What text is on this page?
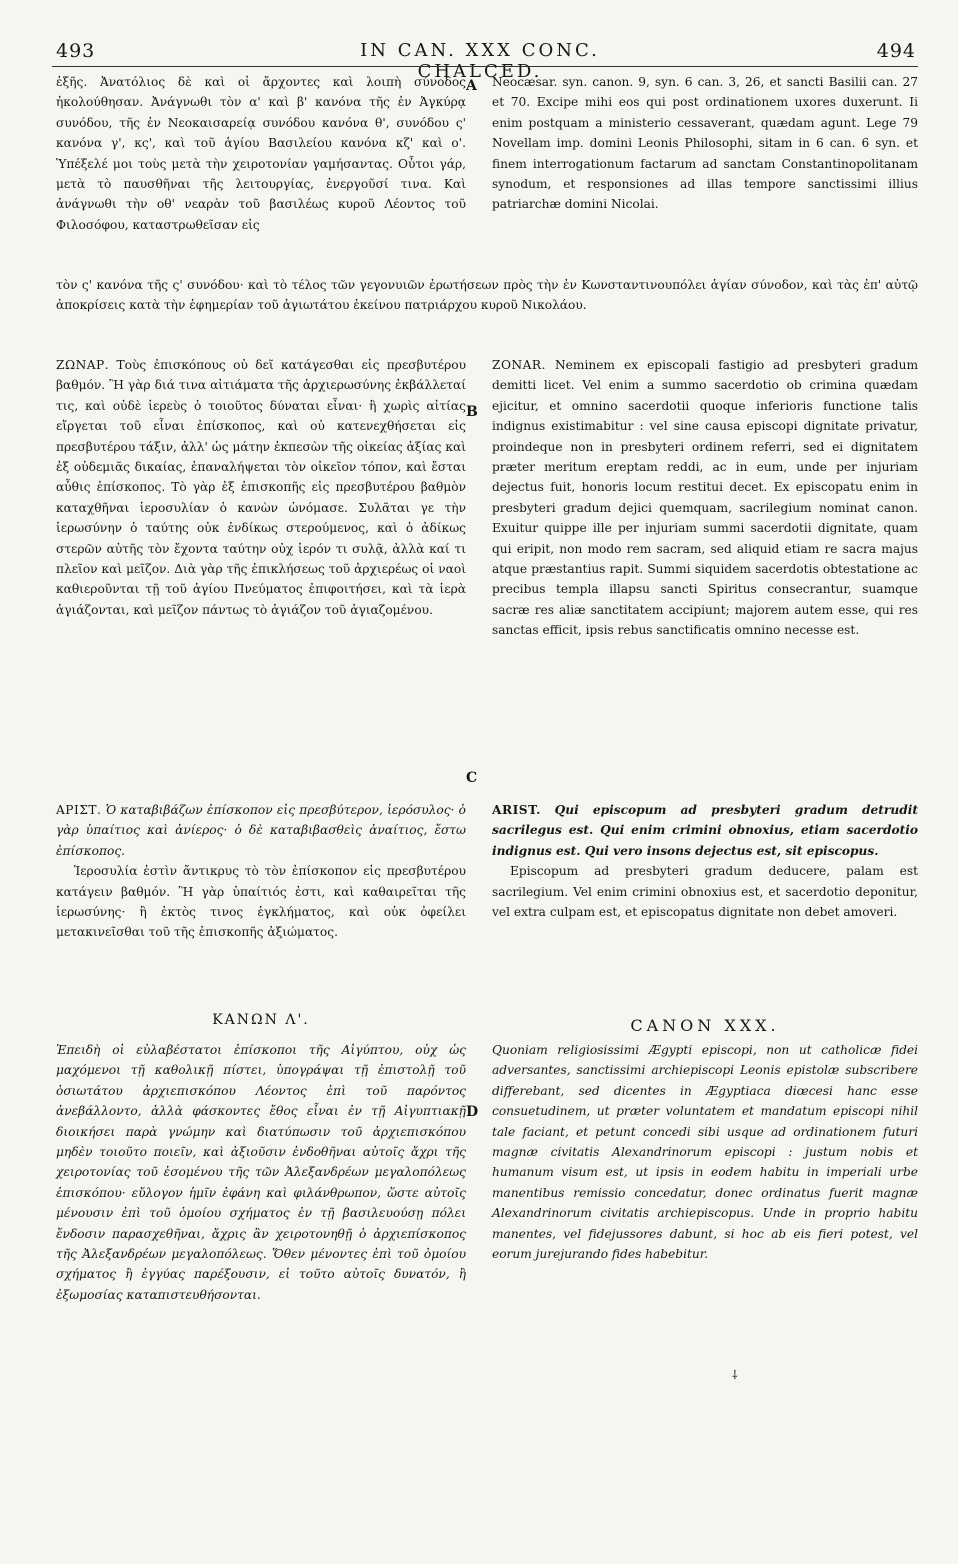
493	IN CAN. XXX CONC. CHALCED.
494
A
B
C
D

ἐξῆς. Ἀνατόλιος δὲ καὶ οἱ ἄρχοντες καὶ λοιπὴ σύνοδος ἠκολούθησαν. Ἀνάγνωθι τὸν α' καὶ β' κανόνα τῆς ἐν Ἀγκύρᾳ συνόδου, τῆς ἐν Νεοκαισαρείᾳ συνόδου κανόνα θ', συνόδου ς' κανόνα γ', κς', καὶ τοῦ ἁγίου Βασιλείου κανόνα κζ' καὶ ο'. Ὑπέξελέ μοι τοὺς μετὰ τὴν χειροτονίαν γαμήσαντας. Οὗτοι γάρ, μετὰ τὸ παυσθῆναι τῆς λειτουργίας, ἐνεργοῦσί τινα. Καὶ ἀνάγνωθι τὴν οθ' νεαρὰν τοῦ βασιλέως κυροῦ Λέοντος τοῦ Φιλοσόφου, καταστρωθεῖσαν εἰς

Neocæsar. syn. canon. 9, syn. 6 can. 3, 26, et sancti Basilii can. 27 et 70. Excipe mihi eos qui post ordinationem uxores duxerunt. Ii enim postquam a ministerio cessaverant, quædam agunt. Lege 79 Novellam imp. domini Leonis Philosophi, sitam in 6 can. 6 syn. et finem interrogationum factarum ad sanctam Constantinopolitanam synodum, et responsiones ad illas tempore sanctissimi illius patriarchæ domini Nicolai.

τὸν ς' κανόνα τῆς ς' συνόδου· καὶ τὸ τέλος τῶν γεγονυιῶν ἐρωτήσεων πρὸς τὴν ἐν Κωνσταντινουπόλει ἁγίαν σύνοδον, καὶ τὰς ἐπ' αὐτῷ ἀποκρίσεις κατὰ τὴν ἐφημερίαν τοῦ ἁγιωτάτου ἐκείνου πατριάρχου κυροῦ Νικολάου.

ΖΩΝΑΡ. Τοὺς ἐπισκόπους οὐ δεῖ κατάγεσθαι εἰς πρεσβυτέρου βαθμόν. Ἢ γὰρ διά τινα αἰτιάματα τῆς ἀρχιερωσύνης ἐκβάλλεταί τις, καὶ οὐδὲ ἱερεὺς ὁ τοιοῦτος δύναται εἶναι· ἢ χωρὶς αἰτίας εἴργεται τοῦ εἶναι ἐπίσκοπος, καὶ οὐ κατενεχθήσεται εἰς πρεσβυτέρου τάξιν, ἀλλ' ὡς μάτην ἐκπεσὼν τῆς οἰκείας ἀξίας καὶ ἐξ οὐδεμιᾶς δικαίας, ἐπαναλήψεται τὸν οἰκεῖον τόπον, καὶ ἔσται αὖθις ἐπίσκοπος. Τὸ γὰρ ἐξ ἐπισκοπῆς εἰς πρεσβυτέρου βαθμὸν καταχθῆναι ἱεροσυλίαν ὁ κανὼν ὠνόμασε. Συλᾶται γε τὴν ἱερωσύνην ὁ ταύτης οὐκ ἐνδίκως στερούμενος, καὶ ὁ ἀδίκως στερῶν αὐτῆς τὸν ἔχοντα ταύτην οὐχ ἱερόν τι συλᾷ, ἀλλὰ καί τι πλεῖον καὶ μεῖζον. Διὰ γὰρ τῆς ἐπικλήσεως τοῦ ἀρχιερέως οἱ ναοὶ καθιεροῦνται τῇ τοῦ ἁγίου Πνεύματος ἐπιφοιτήσει, καὶ τὰ ἱερὰ ἁγιάζονται, καὶ μεῖζον πάντως τὸ ἁγιάζον τοῦ ἁγιαζομένου.

ZONAR. Neminem ex episcopali fastigio ad presbyteri gradum demitti licet. Vel enim a summo sacerdotio ob crimina quædam ejicitur, et omnino sacerdotii quoque inferioris functione talis indignus existimabitur : vel sine causa episcopi dignitate privatur, proindeque non in presbyteri ordinem referri, sed ei dignitatem præter meritum ereptam reddi, ac in eum, unde per injuriam dejectus fuit, honoris locum restitui decet. Ex episcopatu enim in presbyteri gradum dejici quemquam, sacrilegium nominat canon. Exuitur quippe ille per injuriam summi sacerdotii dignitate, quam qui eripit, non modo rem sacram, sed aliquid etiam re sacra majus atque præstantius rapit. Summi siquidem sacerdotis obtestatione ac precibus templa illapsu sancti Spiritus consecrantur, suamque sacræ res aliæ sanctitatem accipiunt; majorem autem esse, qui res sanctas efficit, ipsis rebus sanctificatis omnino necesse est.

ΑΡΙΣΤ. Ὁ καταβιβάζων ἐπίσκοπον εἰς πρεσβύτερον, ἱερόσυλος· ὁ γὰρ ὑπαίτιος καὶ ἀνίερος· ὁ δὲ καταβιβασθεὶς ἀναίτιος, ἔστω ἐπίσκοπος.

Ἱεροσυλία ἐστὶν ἄντικρυς τὸ τὸν ἐπίσκοπον εἰς πρεσβυτέρου κατάγειν βαθμόν. Ἢ γὰρ ὑπαίτιός ἐστι, καὶ καθαιρεῖται τῆς ἱερωσύνης· ἢ ἐκτὸς τινος ἐγκλήματος, καὶ οὐκ ὀφείλει μετακινεῖσθαι τοῦ τῆς ἐπισκοπῆς ἀξιώματος.

ARIST. Qui episcopum ad presbyteri gradum detrudit sacrilegus est. Qui enim crimini obnoxius, etiam sacerdotio indignus est. Qui vero insons dejectus est, sit episcopus.

Episcopum ad presbyteri gradum deducere, palam est sacrilegium. Vel enim crimini obnoxius est, et sacerdotio deponitur, vel extra culpam est, et episcopatus dignitate non debet amoveri.

ΚΑΝΩΝ Λ'.	CANON XXX.

Ἐπειδὴ οἱ εὐλαβέστατοι ἐπίσκοποι τῆς Αἰγύπτου, οὐχ ὡς μαχόμενοι τῇ καθολικῇ πίστει, ὑπογράψαι τῇ ἐπιστολῇ τοῦ ὁσιωτάτου ἀρχιεπισκόπου Λέοντος ἐπὶ τοῦ παρόντος ἀνεβάλλοντο, ἀλλὰ φάσκοντες ἔθος εἶναι ἐν τῇ Αἰγυπτιακῇ διοικήσει παρὰ γνώμην καὶ διατύπωσιν τοῦ ἀρχιεπισκόπου μηδὲν τοιοῦτο ποιεῖν, καὶ ἀξιοῦσιν ἐνδοθῆναι αὐτοῖς ἄχρι τῆς χειροτονίας τοῦ ἐσομένου τῆς τῶν Ἀλεξανδρέων μεγαλοπόλεως ἐπισκόπου· εὔλογον ἡμῖν ἐφάνη καὶ φιλάνθρωπον, ὥστε αὐτοῖς μένουσιν ἐπὶ τοῦ ὁμοίου σχήματος ἐν τῇ βασιλευούσῃ πόλει ἔνδοσιν παρασχεθῆναι, ἄχρις ἂν χειροτονηθῇ ὁ ἀρχιεπίσκοπος τῆς Ἀλεξανδρέων μεγαλοπόλεως. Ὅθεν μένοντες ἐπὶ τοῦ ὁμοίου σχήματος ἢ ἐγγύας παρέξουσιν, εἰ τοῦτο αὐτοῖς δυνατόν, ἢ ἐξωμοσίας καταπιστευθήσονται.

Quoniam religiosissimi Ægypti episcopi, non ut catholicæ fidei adversantes, sanctissimi archiepiscopi Leonis epistolæ subscribere differebant, sed dicentes in Ægyptiaca diœcesi hanc esse consuetudinem, ut præter voluntatem et mandatum episcopi nihil tale faciant, et petunt concedi sibi usque ad ordinationem futuri magnæ civitatis Alexandrinorum episcopi : justum nobis et humanum visum est, ut ipsis in eodem habitu in imperiali urbe manentibus remissio concedatur, donec ordinatus fuerit magnæ Alexandrinorum civitatis archiepiscopus. Unde in proprio habitu manentes, vel fidejussores dabunt, si hoc ab eis fieri potest, vel eorum jurejurando fides habebitur.

⸸
